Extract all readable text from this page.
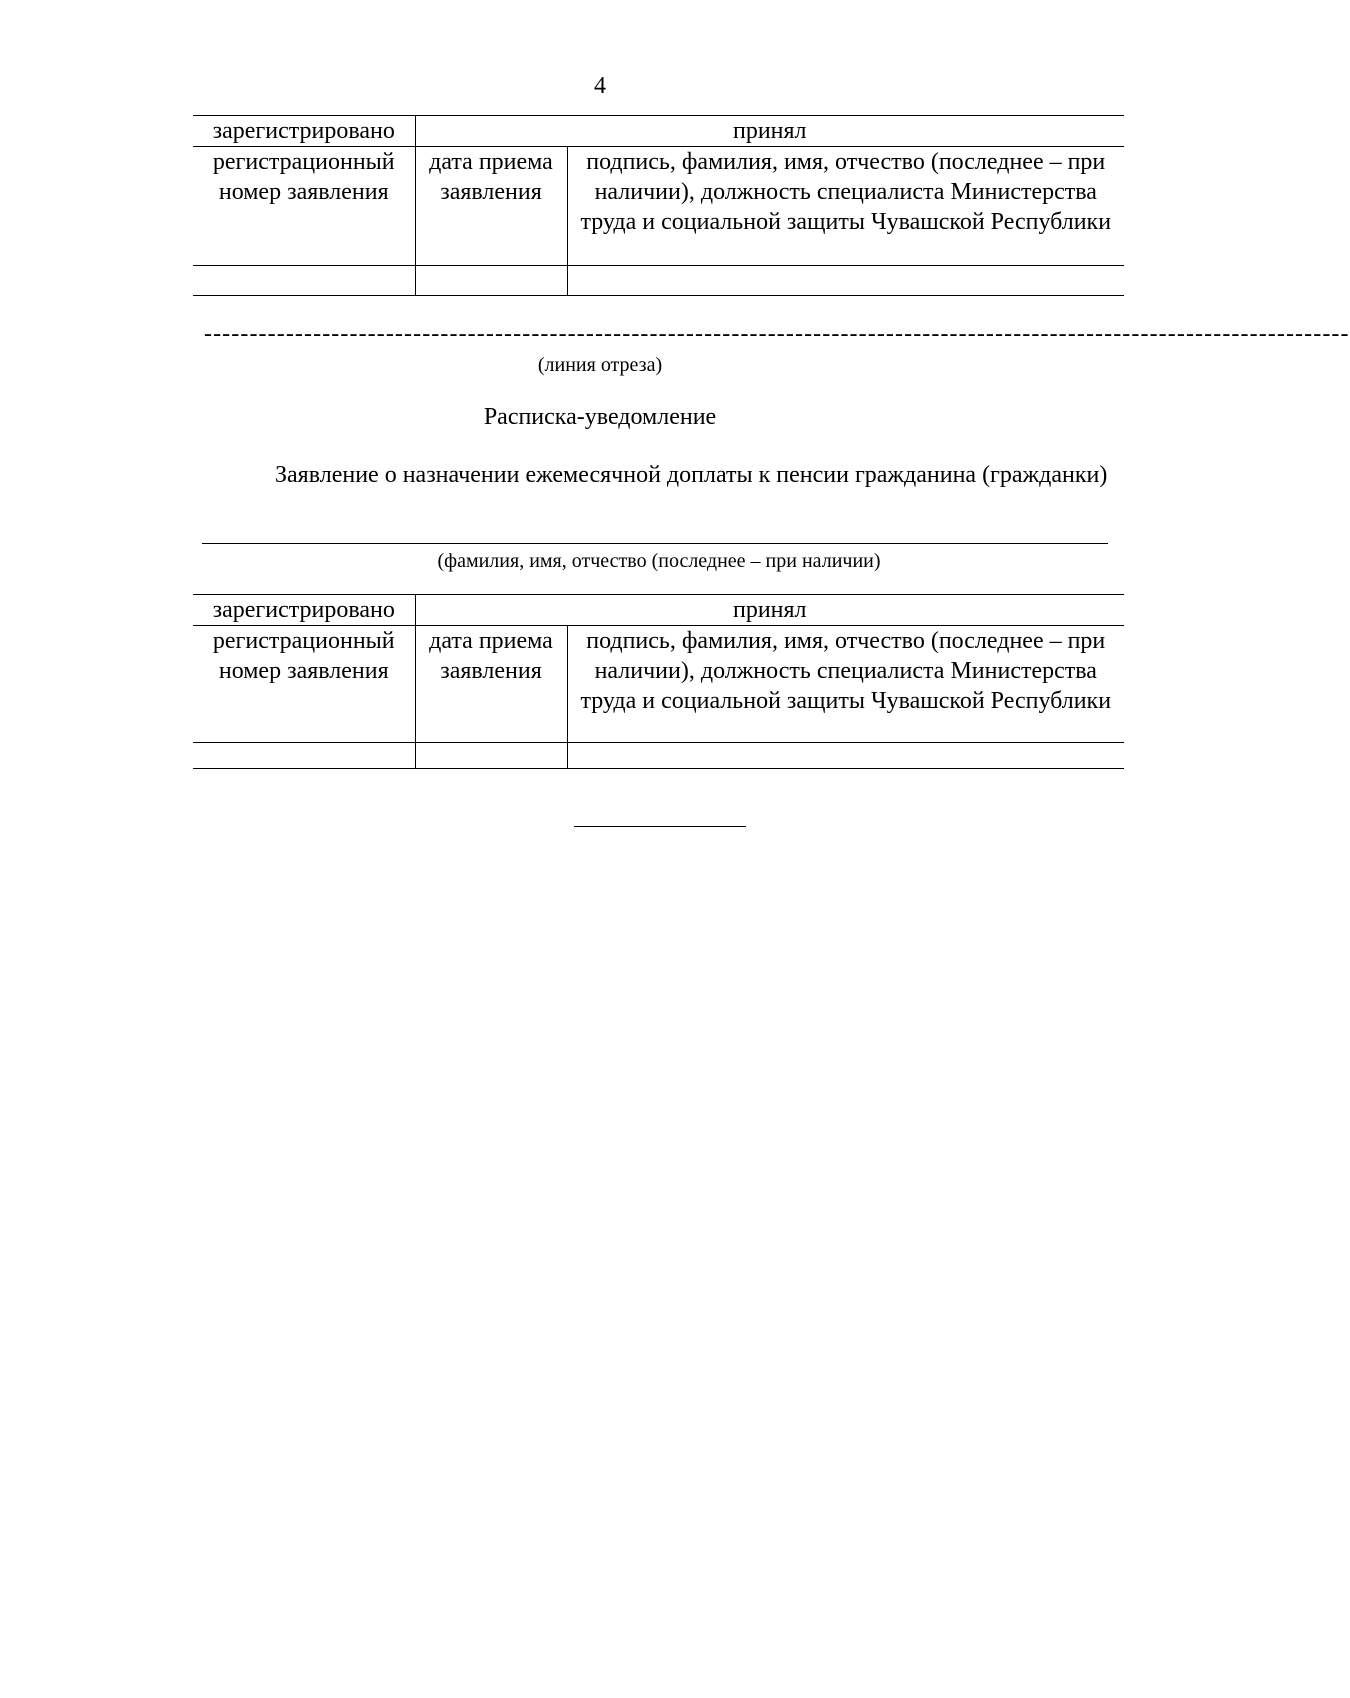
4
зарегистрировано	принял	
регистрационный номер заявления	дата приема заявления	подпись, фамилия, имя, отчество (последнее – при наличии), должность специалиста Министерства труда и социальной защиты Чувашской Республики

------------------------------------------------------------------------------------------------------------------------------
(линия отреза)
Расписка-уведомление

Заявление о назначении ежемесячной доплаты к пенсии гражданина (гражданки)

(фамилия, имя, отчество (последнее – при наличии)
зарегистрировано	принял	
регистрационный номер заявления	дата приема заявления	подпись, фамилия, имя, отчество (последнее – при наличии), должность специалиста Министерства труда и социальной защиты Чувашской Республики
